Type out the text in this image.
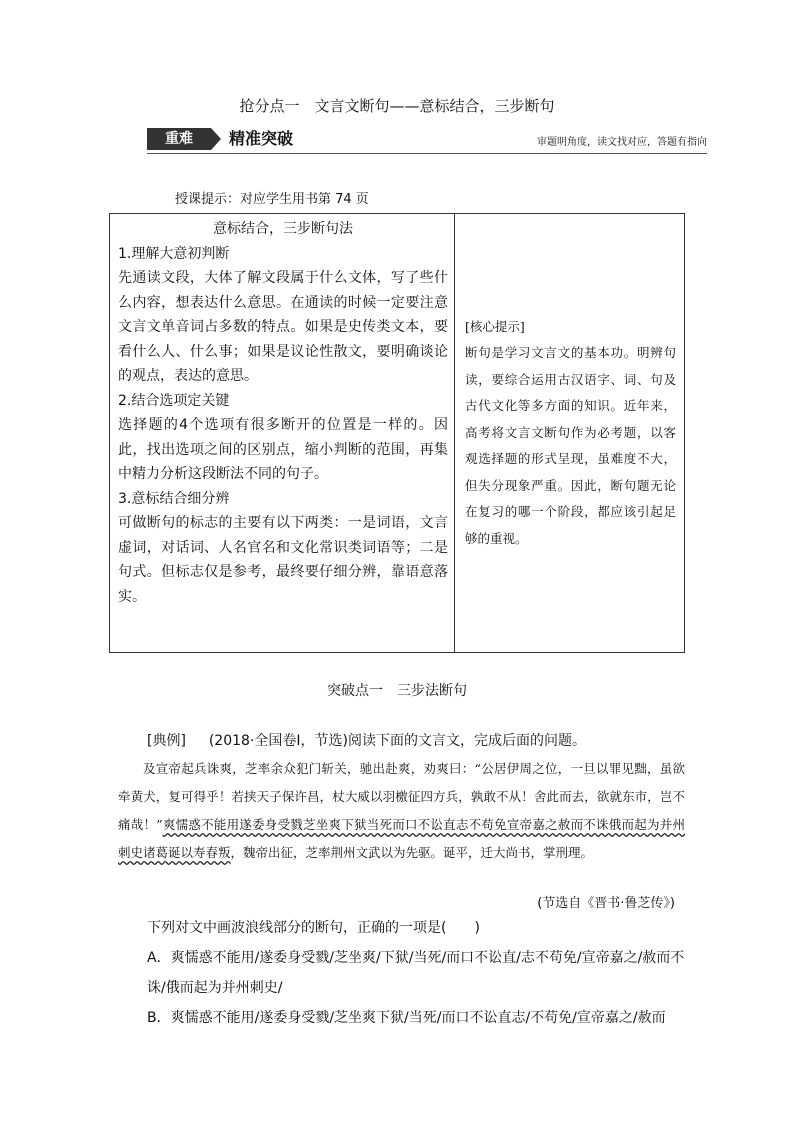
抢分点一　文言文断句——意标结合，三步断句
重难	精准突破	审题明角度，读文找对应，答题有指向
授课提示：对应学生用书第 74 页
意标结合，三步断句法
1.理解大意初判断
先通读文段，大体了解文段属于什么文体，写了些什么内容，想表达什么意思。在通读的时候一定要注意文言文单音词占多数的特点。如果是史传类文本，要看什么人、什么事；如果是议论性散文，要明确谈论的观点，表达的意思。
2.结合选项定关键
选择题的4个选项有很多断开的位置是一样的。因此，找出选项之间的区别点，缩小判断的范围，再集中精力分析这段断法不同的句子。
3.意标结合细分辨
可做断句的标志的主要有以下两类：一是词语，文言虚词，对话词、人名官名和文化常识类词语等；二是句式。但标志仅是参考，最终要仔细分辨，靠语意落实。

[核心提示]
断句是学习文言文的基本功。明辨句读，要综合运用古汉语字、词、句及古代文化等多方面的知识。近年来，高考将文言文断句作为必考题，以客观选择题的形式呈现，虽难度不大，但失分现象严重。因此，断句题无论在复习的哪一个阶段，都应该引起足够的重视。
突破点一　三步法断句
[典例] 　 (2018·全国卷Ⅰ，节选)阅读下面的文言文，完成后面的问题。
及宣帝起兵诛爽，芝率余众犯门斩关，驰出赴爽，劝爽曰：“公居伊周之位，一旦以罪见黜，虽欲牵黄犬，复可得乎！若挟天子保许昌，杖大威以羽檄征四方兵，孰敢不从！舍此而去，欲就东市，岂不痛哉！”爽懦惑不能用遂委身受戮芝坐爽下狱当死而口不讼直志不苟免宣帝嘉之赦而不诛俄而起为并州刺史诸葛诞以寿春叛，魏帝出征，芝率荆州文武以为先驱。诞平，迁大尚书，掌刑理。
(节选自《晋书·鲁芝传》)
下列对文中画波浪线部分的断句，正确的一项是(　　)
A．爽懦惑不能用/遂委身受戮/芝坐爽/下狱/当死/而口不讼直/志不苟免/宣帝嘉之/赦而不诛/俄而起为并州刺史/
B．爽懦惑不能用/遂委身受戮/芝坐爽下狱/当死/而口不讼直志/不苟免/宣帝嘉之/赦而
